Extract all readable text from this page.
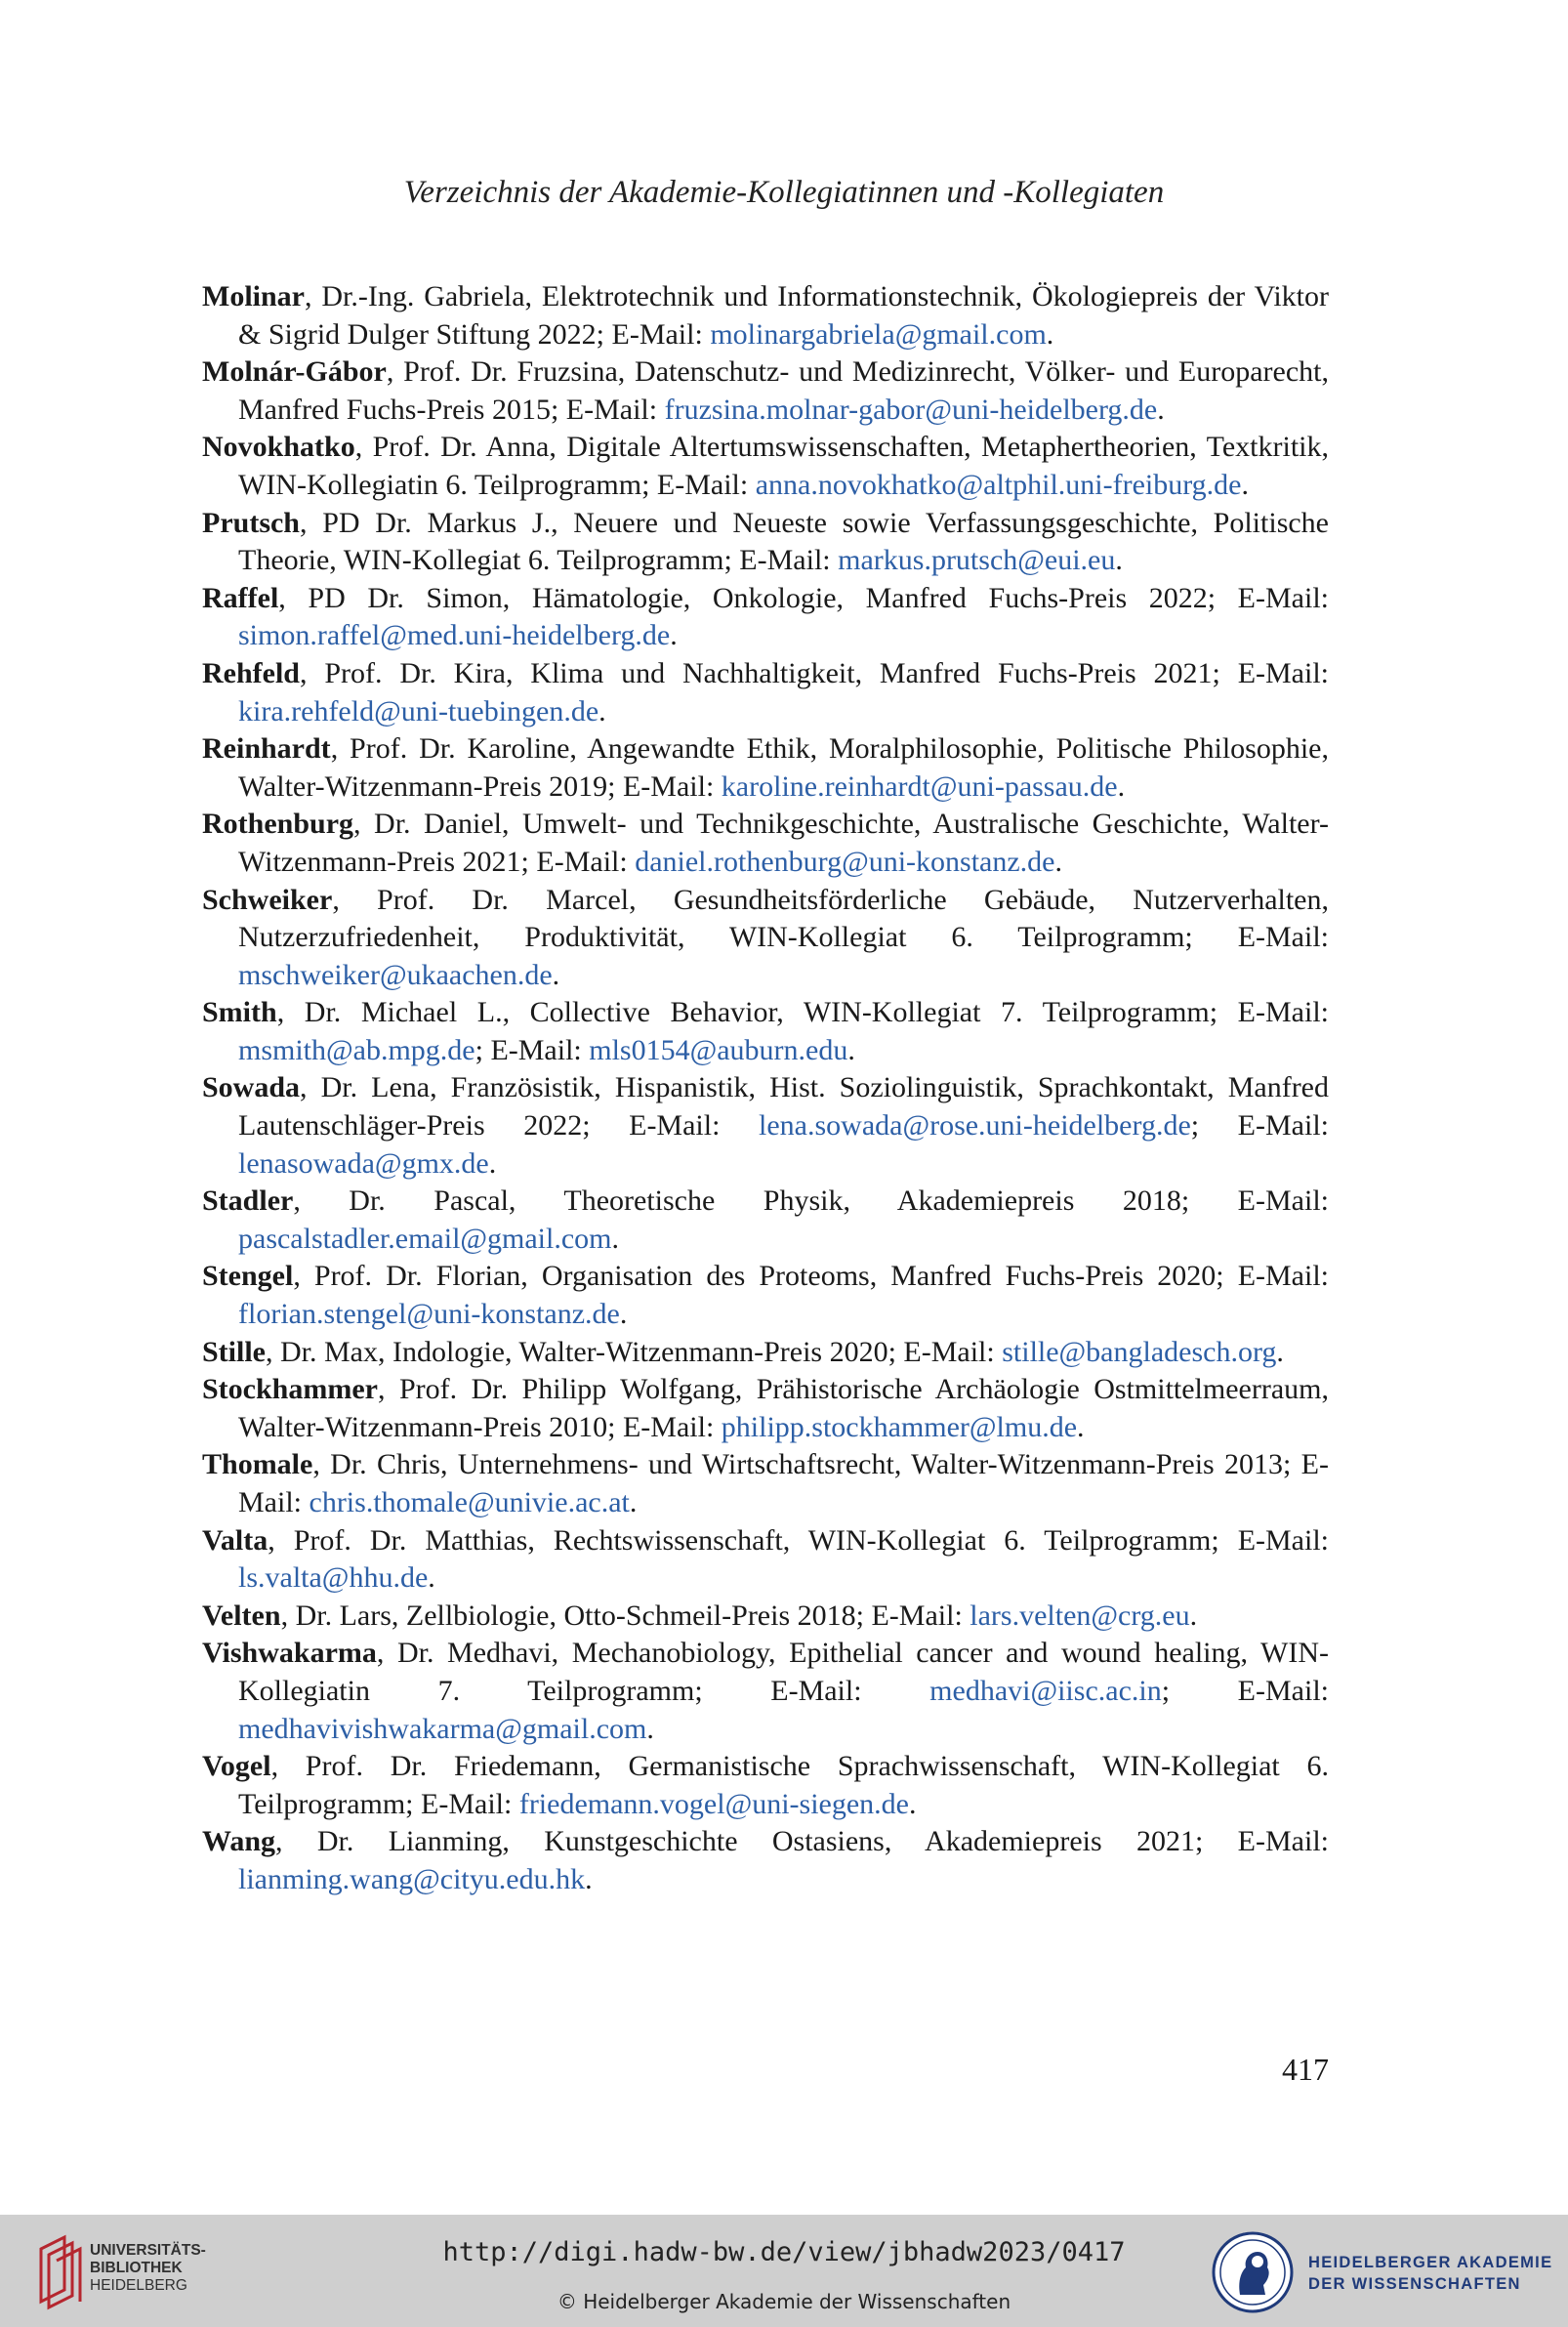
Verzeichnis der Akademie-Kollegiatinnen und -Kollegiaten

Molinar, Dr.-Ing. Gabriela, Elektrotechnik und Informationstechnik, Ökologiepreis der Viktor & Sigrid Dulger Stiftung 2022; E-Mail: molinargabriela@gmail.com.

Molnár-Gábor, Prof. Dr. Fruzsina, Datenschutz- und Medizinrecht, Völker- und Europarecht, Manfred Fuchs-Preis 2015; E-Mail: fruzsina.molnar-gabor@uni-heidelberg.de.

Novokhatko, Prof. Dr. Anna, Digitale Altertumswissenschaften, Metaphertheorien, Textkritik, WIN-Kollegiatin 6. Teilprogramm; E-Mail: anna.novokhatko@altphil.uni-freiburg.de.

Prutsch, PD Dr. Markus J., Neuere und Neueste sowie Verfassungsgeschichte, Politische Theorie, WIN-Kollegiat 6. Teilprogramm; E-Mail: markus.prutsch@eui.eu.

Raffel, PD Dr. Simon, Hämatologie, Onkologie, Manfred Fuchs-Preis 2022; E-Mail: simon.raffel@med.uni-heidelberg.de.

Rehfeld, Prof. Dr. Kira, Klima und Nachhaltigkeit, Manfred Fuchs-Preis 2021; E-Mail: kira.rehfeld@uni-tuebingen.de.

Reinhardt, Prof. Dr. Karoline, Angewandte Ethik, Moralphilosophie, Politische Philosophie, Walter-Witzenmann-Preis 2019; E-Mail: karoline.reinhardt@uni-passau.de.

Rothenburg, Dr. Daniel, Umwelt- und Technikgeschichte, Australische Geschichte, Walter-Witzenmann-Preis 2021; E-Mail: daniel.rothenburg@uni-konstanz.de.

Schweiker, Prof. Dr. Marcel, Gesundheitsförderliche Gebäude, Nutzerverhalten, Nutzerzufriedenheit, Produktivität, WIN-Kollegiat 6. Teilprogramm; E-Mail: mschweiker@ukaachen.de.

Smith, Dr. Michael L., Collective Behavior, WIN-Kollegiat 7. Teilprogramm; E-Mail: msmith@ab.mpg.de; E-Mail: mls0154@auburn.edu.

Sowada, Dr. Lena, Französistik, Hispanistik, Hist. Soziolinguistik, Sprachkontakt, Manfred Lautenschläger-Preis 2022; E-Mail: lena.sowada@rose.uni-heidelberg.de; E-Mail: lenasowada@gmx.de.

Stadler, Dr. Pascal, Theoretische Physik, Akademiepreis 2018; E-Mail: pascalstadler.email@gmail.com.

Stengel, Prof. Dr. Florian, Organisation des Proteoms, Manfred Fuchs-Preis 2020; E-Mail: florian.stengel@uni-konstanz.de.

Stille, Dr. Max, Indologie, Walter-Witzenmann-Preis 2020; E-Mail: stille@bangladesch.org.

Stockhammer, Prof. Dr. Philipp Wolfgang, Prähistorische Archäologie Ostmittelmeerraum, Walter-Witzenmann-Preis 2010; E-Mail: philipp.stockhammer@lmu.de.

Thomale, Dr. Chris, Unternehmens- und Wirtschaftsrecht, Walter-Witzenmann-Preis 2013; E-Mail: chris.thomale@univie.ac.at.

Valta, Prof. Dr. Matthias, Rechtswissenschaft, WIN-Kollegiat 6. Teilprogramm; E-Mail: ls.valta@hhu.de.

Velten, Dr. Lars, Zellbiologie, Otto-Schmeil-Preis 2018; E-Mail: lars.velten@crg.eu.

Vishwakarma, Dr. Medhavi, Mechanobiology, Epithelial cancer and wound healing, WIN-Kollegiatin 7. Teilprogramm; E-Mail: medhavi@iisc.ac.in; E-Mail: medhavivishwakarma@gmail.com.

Vogel, Prof. Dr. Friedemann, Germanistische Sprachwissenschaft, WIN-Kollegiat 6. Teilprogramm; E-Mail: friedemann.vogel@uni-siegen.de.

Wang, Dr. Lianming, Kunstgeschichte Ostasiens, Akademiepreis 2021; E-Mail: lianming.wang@cityu.edu.hk.

417
UNIVERSITÄTS-
BIBLIOTHEK
HEIDELBERG
http://digi.hadw-bw.de/view/jbhadw2023/0417
© Heidelberger Akademie der Wissenschaften
HEIDELBERGER AKADEMIE
DER WISSENSCHAFTEN
